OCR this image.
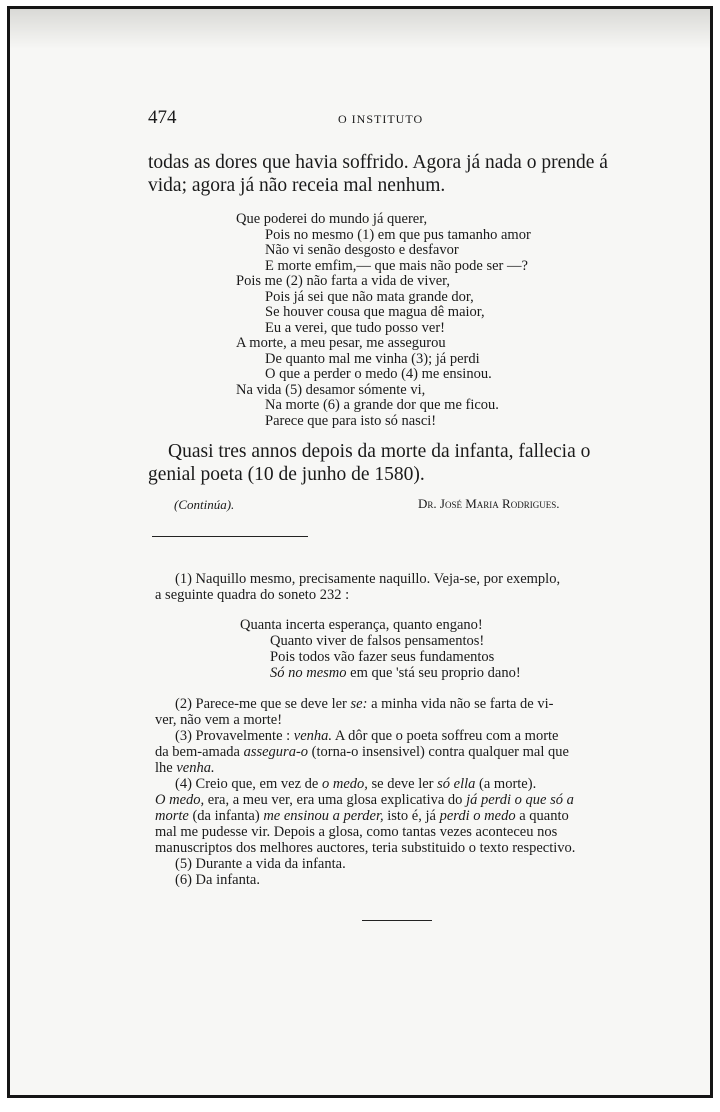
474	O INSTITUTO
todas as dores que havia soffrido. Agora já nada o prende á
vida; agora já não receia mal nenhum.
Que poderei do mundo já querer,
Pois no mesmo (1) em que pus tamanho amor
Não vi senão desgosto e desfavor
E morte emfim,— que mais não pode ser —?
Pois me (2) não farta a vida de viver,
Pois já sei que não mata grande dor,
Se houver cousa que magua dê maior,
Eu a verei, que tudo posso ver!
A morte, a meu pesar, me assegurou
De quanto mal me vinha (3); já perdi
O que a perder o medo (4) me ensinou.
Na vida (5) desamor sómente vi,
Na morte (6) a grande dor que me ficou.
Parece que para isto só nasci!
Quasi tres annos depois da morte da infanta, fallecia o
genial poeta (10 de junho de 1580).
(Continúa).	Dr. José Maria Rodrigues.
(1) Naquillo mesmo, precisamente naquillo. Veja-se, por exemplo,
a seguinte quadra do soneto 232 :
Quanta incerta esperança, quanto engano!
Quanto viver de falsos pensamentos!
Pois todos vão fazer seus fundamentos
Só no mesmo em que 'stá seu proprio dano!
(2) Parece-me que se deve ler se: a minha vida não se farta de vi-
ver, não vem a morte!
(3) Provavelmente : venha. A dôr que o poeta soffreu com a morte
da bem-amada assegura-o (torna-o insensivel) contra qualquer mal que
lhe venha.
(4) Creio que, em vez de o medo, se deve ler só ella (a morte).
O medo, era, a meu ver, era uma glosa explicativa do já perdi o que só a
morte (da infanta) me ensinou a perder, isto é, já perdi o medo a quanto
mal me pudesse vir. Depois a glosa, como tantas vezes aconteceu nos
manuscriptos dos melhores auctores, teria substituido o texto respectivo.
(5) Durante a vida da infanta.
(6) Da infanta.
